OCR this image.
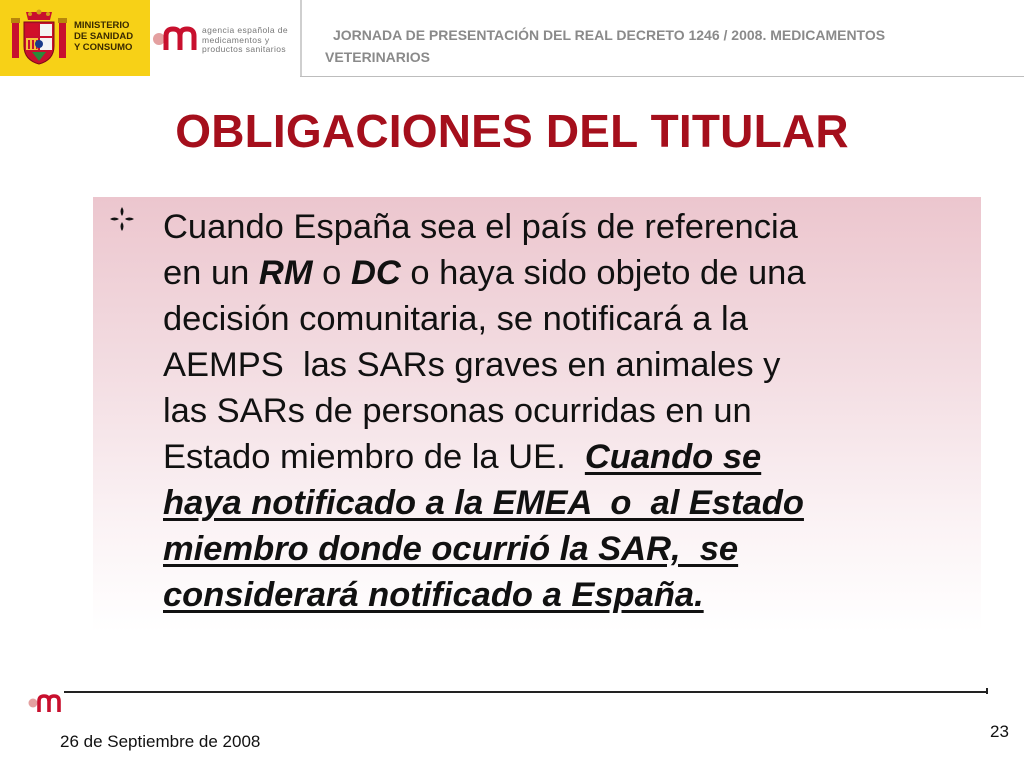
MINISTERIO
DE SANIDAD
Y CONSUMO
agencia española de
medicamentos y
productos sanitarios
JORNADA DE PRESENTACIÓN DEL REAL DECRETO 1246 / 2008. MEDICAMENTOS
VETERINARIOS
OBLIGACIONES DEL TITULAR
Cuando España sea el país de referencia
en un RM o DC o haya sido objeto de una
decisión comunitaria, se notificará a la
AEMPS  las SARs graves en animales y
las SARs de personas ocurridas en un
Estado miembro de la UE.  Cuando se
haya notificado a la EMEA  o  al Estado
miembro donde ocurrió la SAR,  se
considerará notificado a España.
26 de Septiembre de 2008
23
